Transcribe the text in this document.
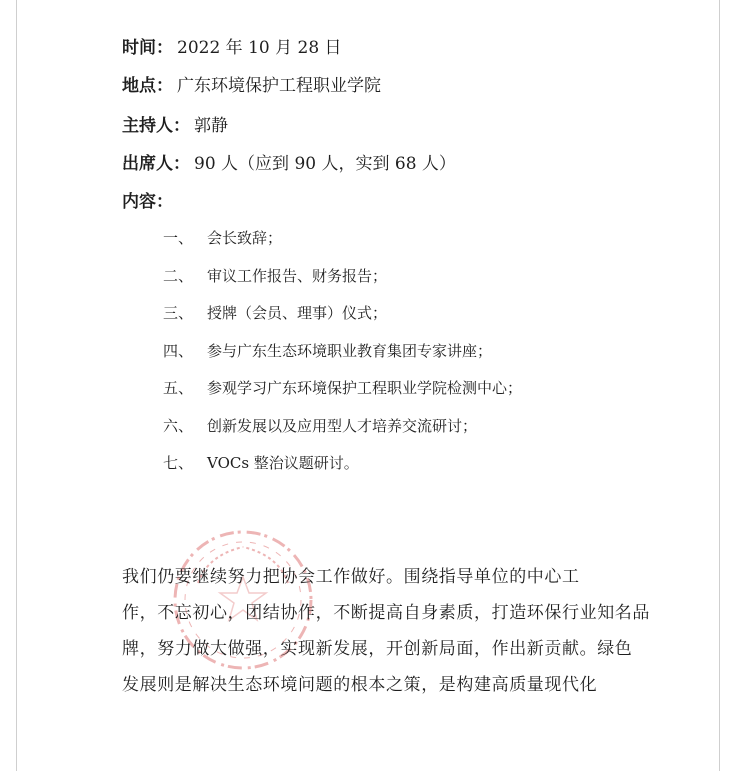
时间： 2022 年 10 月 28 日
地点： 广东环境保护工程职业学院
主持人： 郭静
出席人： 90 人（应到 90 人，实到 68 人）
内容：
一、 会长致辞；
二、 审议工作报告、财务报告；
三、 授牌（会员、理事）仪式；
四、 参与广东生态环境职业教育集团专家讲座；
五、 参观学习广东环境保护工程职业学院检测中心；
六、 创新发展以及应用型人才培养交流研讨；
七、 VOCs 整治议题研讨。
我们仍要继续努力把协会工作做好。围绕指导单位的中心工
作，不忘初心，团结协作，不断提高自身素质，打造环保行业知名品
牌，努力做大做强，实现新发展，开创新局面，作出新贡献。绿色
发展则是解决生态环境问题的根本之策，是构建高质量现代化
